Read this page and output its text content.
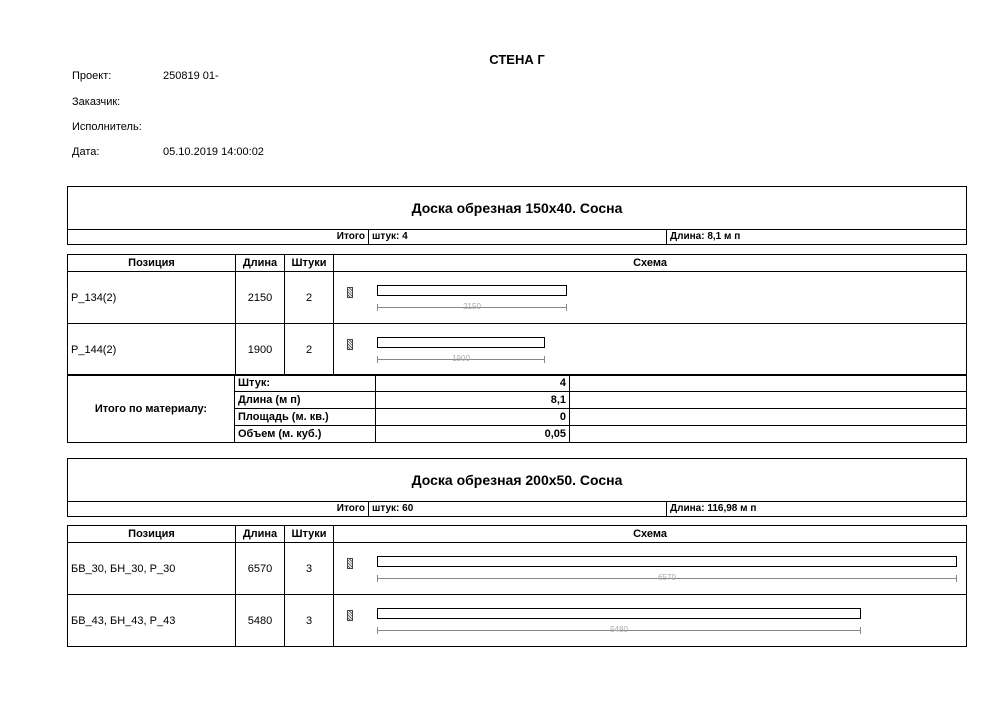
СТЕНА Г
Проект:	250819 01-
Заказчик:
Исполнитель:
Дата:	05.10.2019 14:00:02
Доска обрезная 150x40. Сосна
Итого штук: 4	Длина: 8,1 м п
Позиция	Длина	Штуки	Схема
P_134(2)	2150	2	2150

P_144(2)	1900	2	1900
Итого по материалу:	Штук:	4	
	Длина (м п)	8,1	
	Площадь (м. кв.)	0	
	Объем (м. куб.)	0,05	
Доска обрезная 200x50. Сосна
Итого штук: 60	Длина: 116,98 м п
Позиция	Длина	Штуки	Схема
БВ_30, БН_30, Р_30	6570	3	6570

БВ_43, БН_43, Р_43	5480	3	5480
